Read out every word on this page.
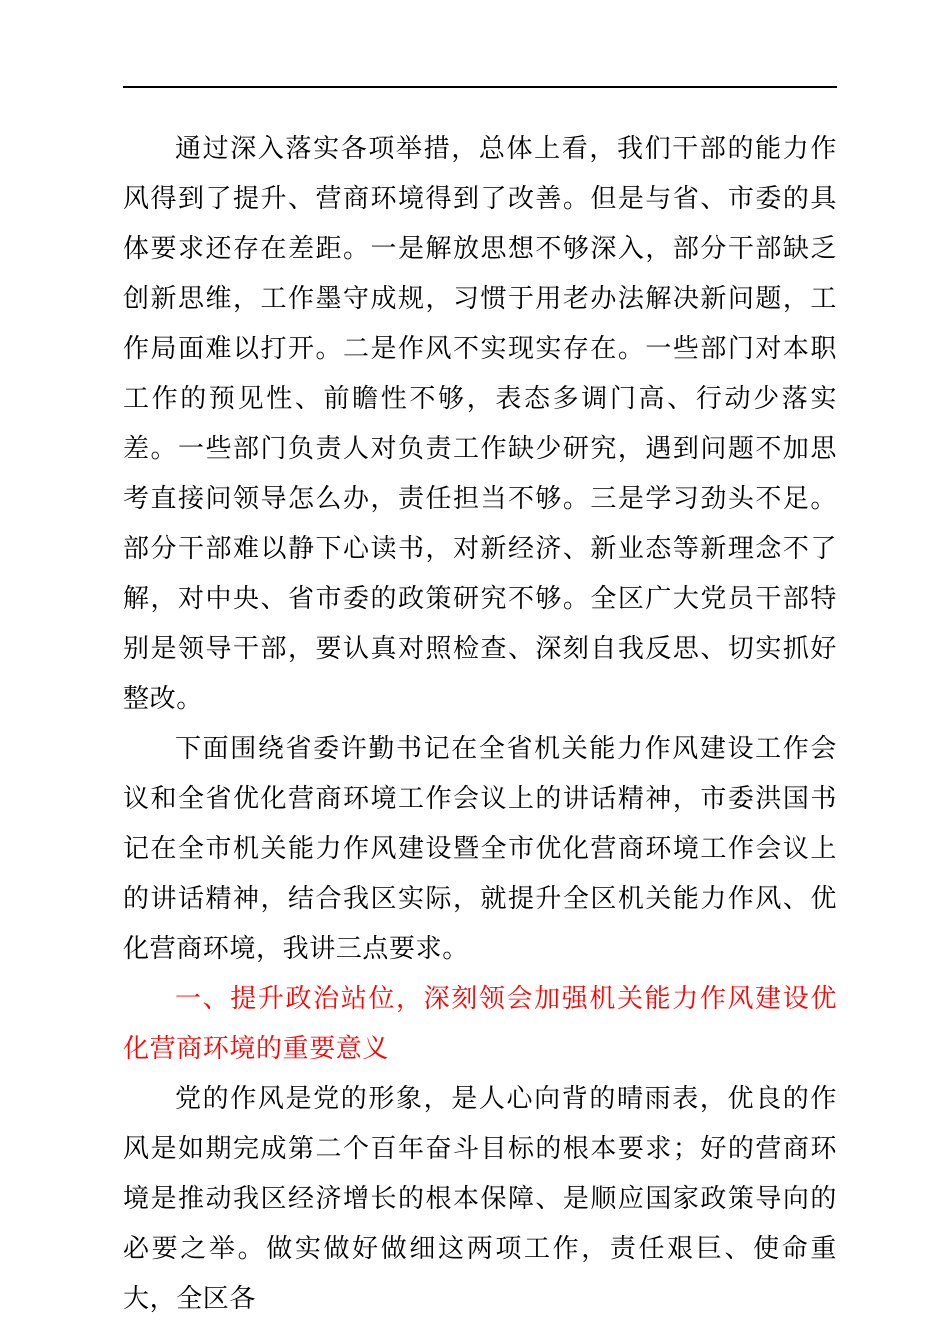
通过深入落实各项举措，总体上看，我们干部的能力作风得到了提升、营商环境得到了改善。但是与省、市委的具体要求还存在差距。一是解放思想不够深入，部分干部缺乏创新思维，工作墨守成规，习惯于用老办法解决新问题，工作局面难以打开。二是作风不实现实存在。一些部门对本职工作的预见性、前瞻性不够，表态多调门高、行动少落实差。一些部门负责人对负责工作缺少研究，遇到问题不加思考直接问领导怎么办，责任担当不够。三是学习劲头不足。部分干部难以静下心读书，对新经济、新业态等新理念不了解，对中央、省市委的政策研究不够。全区广大党员干部特别是领导干部，要认真对照检查、深刻自我反思、切实抓好整改。

下面围绕省委许勤书记在全省机关能力作风建设工作会议和全省优化营商环境工作会议上的讲话精神，市委洪国书记在全市机关能力作风建设暨全市优化营商环境工作会议上的讲话精神，结合我区实际，就提升全区机关能力作风、优化营商环境，我讲三点要求。

一、提升政治站位，深刻领会加强机关能力作风建设优化营商环境的重要意义

党的作风是党的形象，是人心向背的晴雨表，优良的作风是如期完成第二个百年奋斗目标的根本要求；好的营商环境是推动我区经济增长的根本保障、是顺应国家政策导向的必要之举。做实做好做细这两项工作，责任艰巨、使命重大，全区各
